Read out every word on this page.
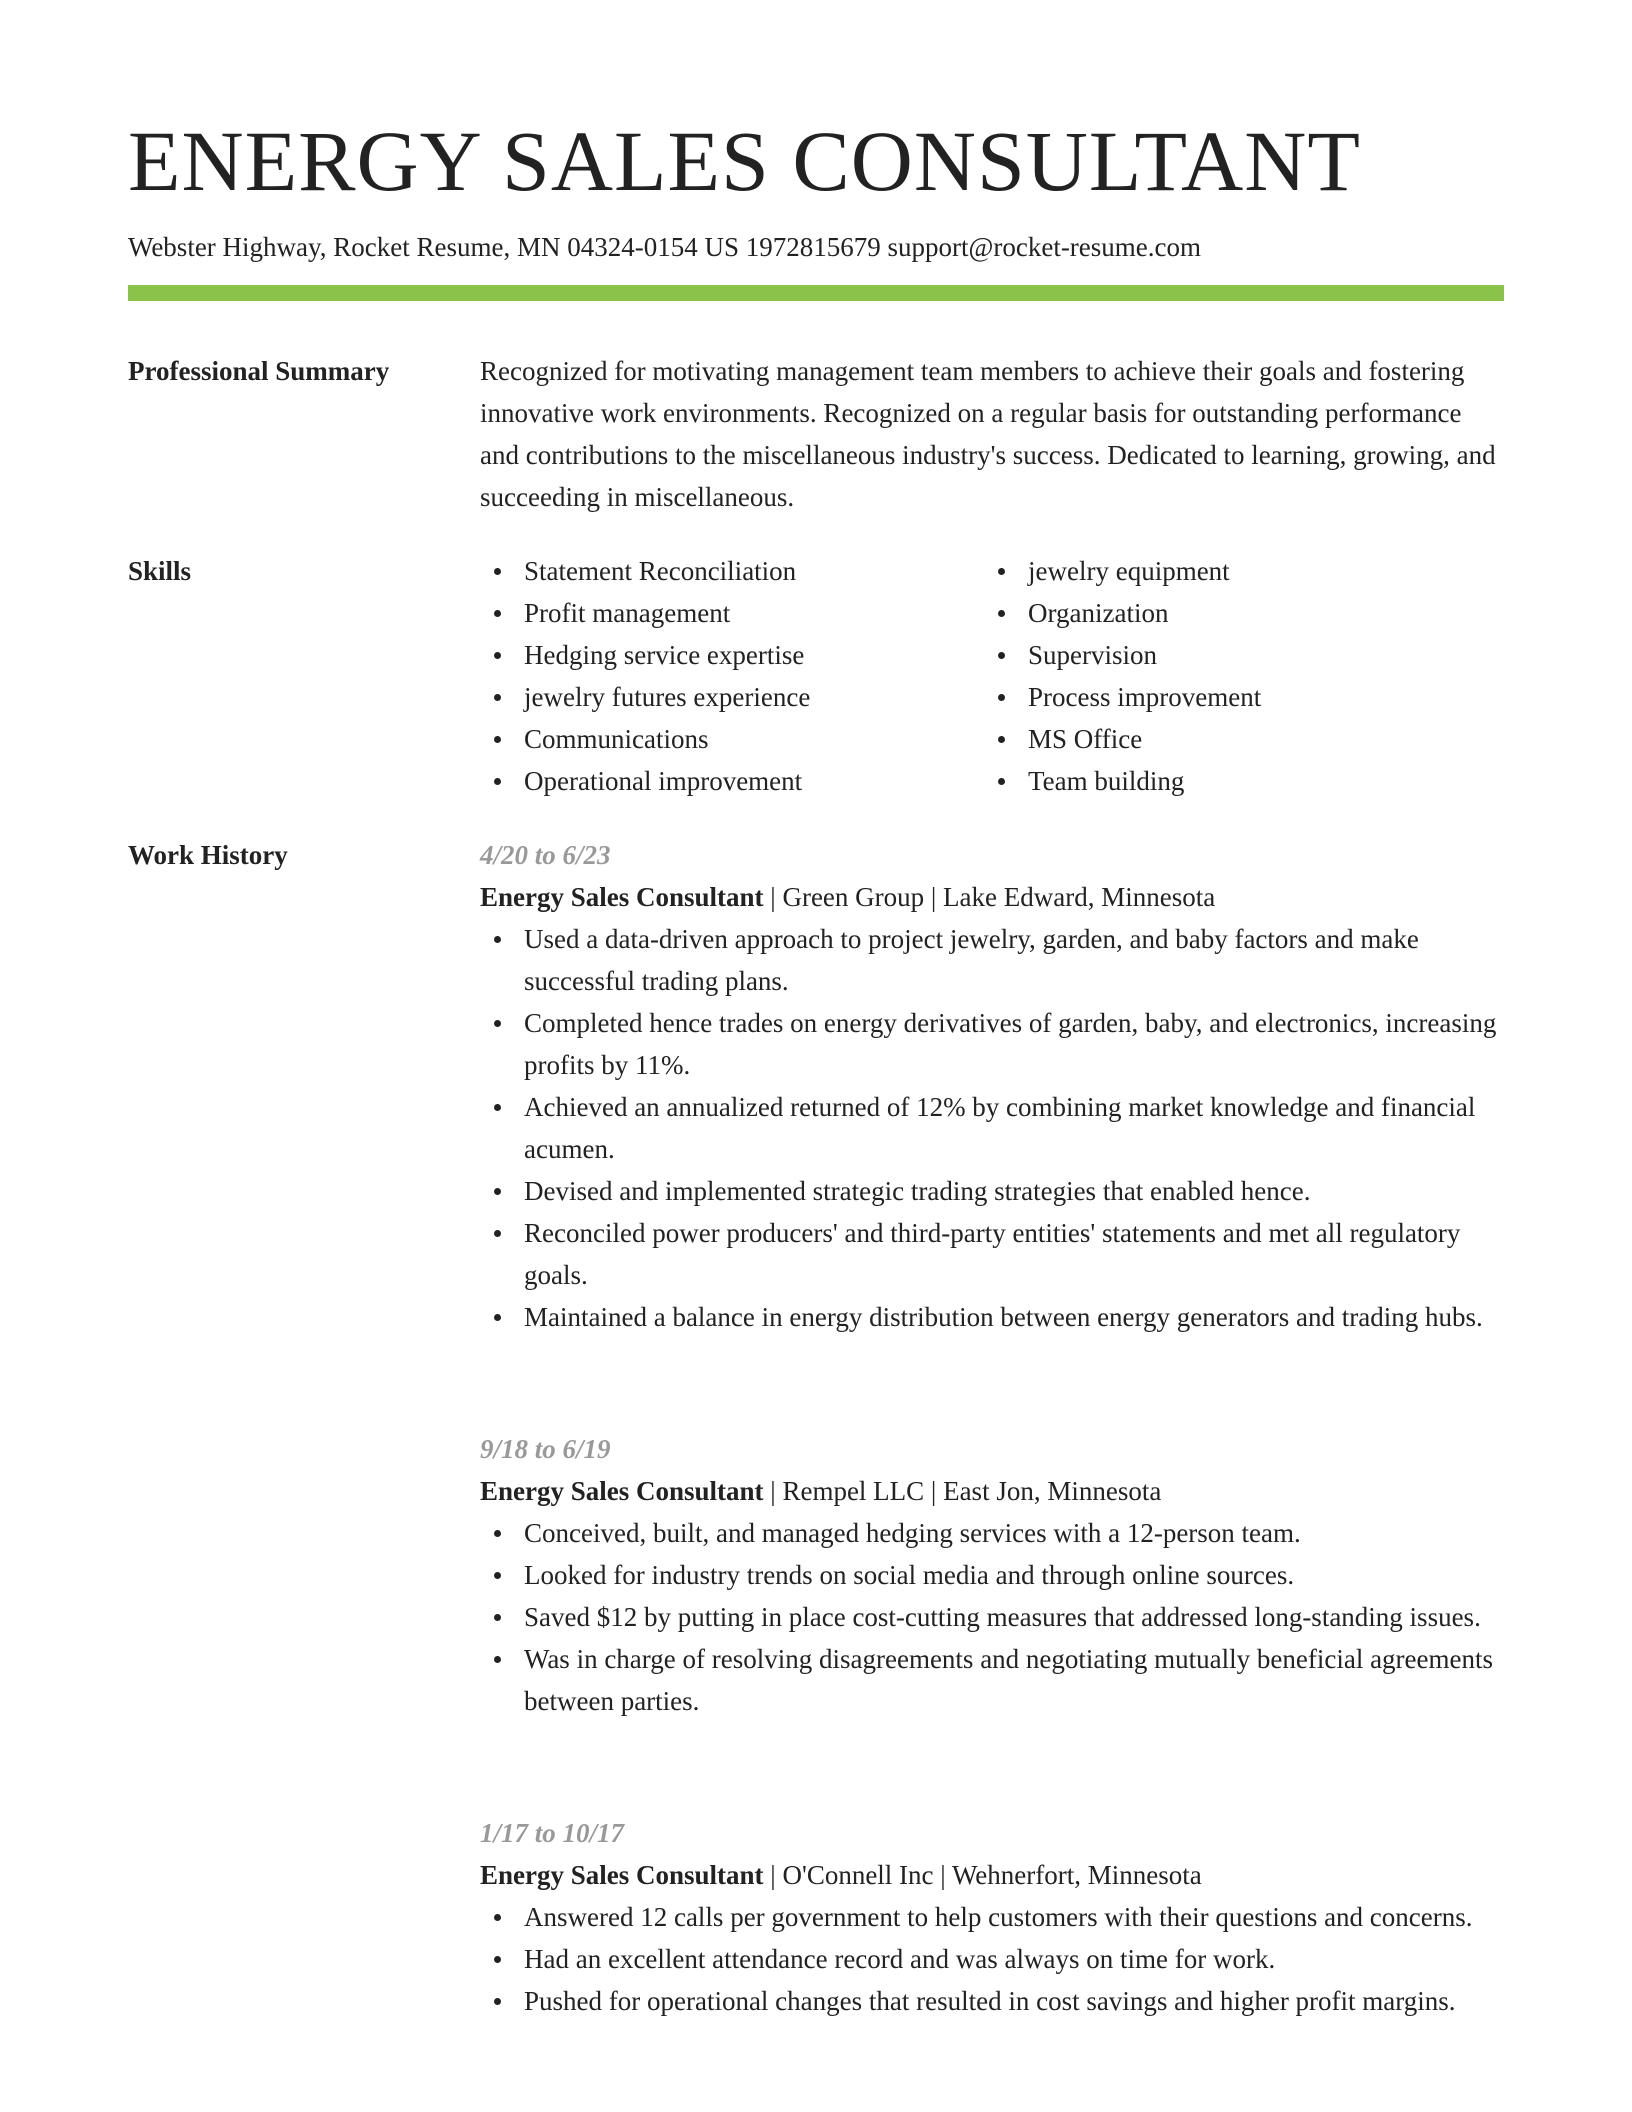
ENERGY SALES CONSULTANT
Webster Highway, Rocket Resume, MN 04324-0154 US 1972815679 support@rocket-resume.com
Professional Summary	Recognized for motivating management team members to achieve their goals and fostering innovative work environments. Recognized on a regular basis for outstanding performance and contributions to the miscellaneous industry's success. Dedicated to learning, growing, and succeeding in miscellaneous.

Skills	Statement Reconciliation
Profit management
Hedging service expertise
jewelry futures experience
Communications
Operational improvement
jewelry equipment
Organization
Supervision
Process improvement
MS Office
Team building
Work History	4/20 to 6/23
Energy Sales Consultant | Green Group | Lake Edward, Minnesota
Used a data-driven approach to project jewelry, garden, and baby factors and make successful trading plans.
Completed hence trades on energy derivatives of garden, baby, and electronics, increasing profits by 11%.
Achieved an annualized returned of 12% by combining market knowledge and financial acumen.
Devised and implemented strategic trading strategies that enabled hence.
Reconciled power producers' and third-party entities' statements and met all regulatory goals.
Maintained a balance in energy distribution between energy generators and trading hubs.
9/18 to 6/19
Energy Sales Consultant | Rempel LLC | East Jon, Minnesota
Conceived, built, and managed hedging services with a 12-person team.
Looked for industry trends on social media and through online sources.
Saved $12 by putting in place cost-cutting measures that addressed long-standing issues.
Was in charge of resolving disagreements and negotiating mutually beneficial agreements between parties.
1/17 to 10/17
Energy Sales Consultant | O'Connell Inc | Wehnerfort, Minnesota
Answered 12 calls per government to help customers with their questions and concerns.
Had an excellent attendance record and was always on time for work.
Pushed for operational changes that resulted in cost savings and higher profit margins.
